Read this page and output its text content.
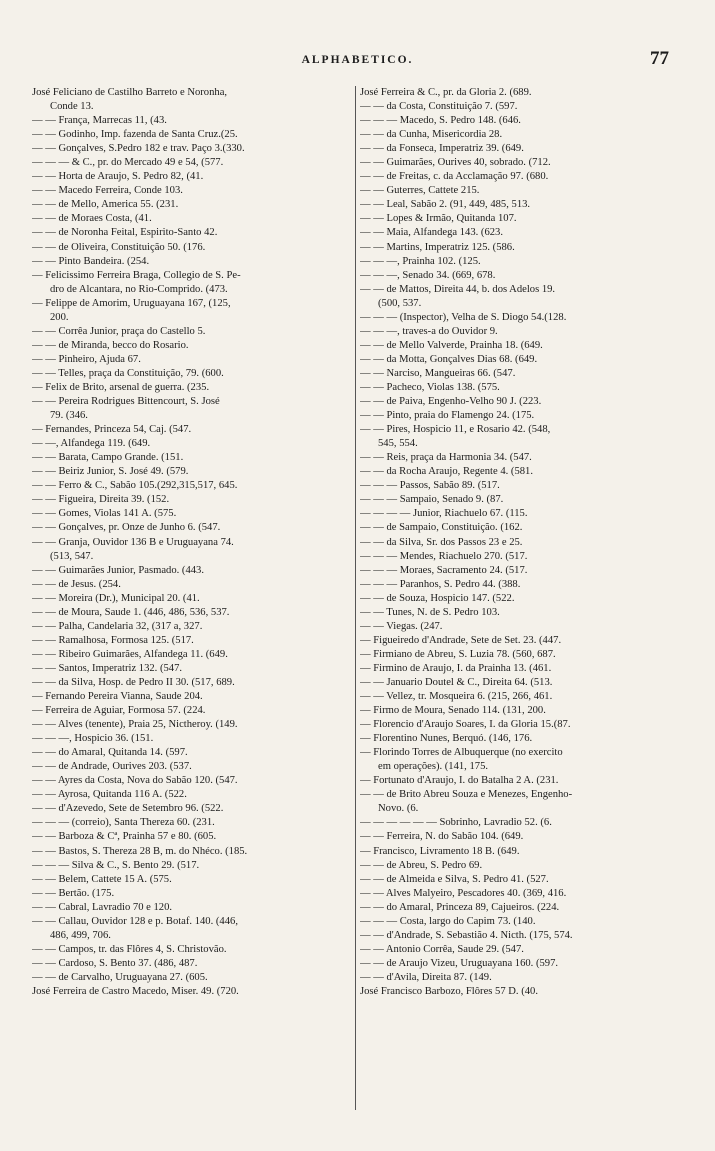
ALPHABETICO.	77
José Feliciano de Castilho Barreto e Noronha,
Conde 13.
— — França, Marrecas 11, (43.
— — Godinho, Imp. fazenda de Santa Cruz.(25.
— — Gonçalves, S.Pedro 182 e trav. Paço 3.(330.
— — — & C., pr. do Mercado 49 e 54, (577.
— — Horta de Araujo, S. Pedro 82, (41.
— — Macedo Ferreira, Conde 103.
— — de Mello, America 55. (231.
— — de Moraes Costa, (41.
— — de Noronha Feital, Espirito-Santo 42.
— — de Oliveira, Constituição 50. (176.
— — Pinto Bandeira. (254.
— Felicissimo Ferreira Braga, Collegio de S. Pe-
dro de Alcantara, no Rio-Comprido. (473.
— Felippe de Amorim, Uruguayana 167, (125,
200.
— — Corrêa Junior, praça do Castello 5.
— — de Miranda, becco do Rosario.
— — Pinheiro, Ajuda 67.
— — Telles, praça da Constituição, 79. (600.
— Felix de Brito, arsenal de guerra. (235.
— — Pereira Rodrigues Bittencourt, S. José
79. (346.
— Fernandes, Princeza 54, Caj. (547.
— —, Alfandega 119. (649.
— — Barata, Campo Grande. (151.
— — Beiriz Junior, S. José 49. (579.
— — Ferro & C., Sabão 105.(292,315,517, 645.
— — Figueira, Direita 39. (152.
— — Gomes, Violas 141 A. (575.
— — Gonçalves, pr. Onze de Junho 6. (547.
— — Granja, Ouvidor 136 B e Uruguayana 74.
(513, 547.
— — Guimarães Junior, Pasmado. (443.
— — de Jesus. (254.
— — Moreira (Dr.), Municipal 20. (41.
— — de Moura, Saude 1. (446, 486, 536, 537.
— — Palha, Candelaria 32, (317 a, 327.
— — Ramalhosa, Formosa 125. (517.
— — Ribeiro Guimarães, Alfandega 11. (649.
— — Santos, Imperatriz 132. (547.
— — da Silva, Hosp. de Pedro II 30. (517, 689.
— Fernando Pereira Vianna, Saude 204.
— Ferreira de Aguiar, Formosa 57. (224.
— — Alves (tenente), Praia 25, Nictheroy. (149.
— — —, Hospicio 36. (151.
— — do Amaral, Quitanda 14. (597.
— — de Andrade, Ourives 203. (537.
— — Ayres da Costa, Nova do Sabão 120. (547.
— — Ayrosa, Quitanda 116 A. (522.
— — d'Azevedo, Sete de Setembro 96. (522.
— — — (correio), Santa Thereza 60. (231.
— — Barboza & Cª, Prainha 57 e 80. (605.
— — Bastos, S. Thereza 28 B, m. do Nhéco. (185.
— — — Silva & C., S. Bento 29. (517.
— — Belem, Cattete 15 A. (575.
— — Bertão. (175.
— — Cabral, Lavradio 70 e 120.
— — Callau, Ouvidor 128 e p. Botaf. 140. (446,
486, 499, 706.
— — Campos, tr. das Flôres 4, S. Christovão.
— — Cardoso, S. Bento 37. (486, 487.
— — de Carvalho, Uruguayana 27. (605.
José Ferreira de Castro Macedo, Miser. 49. (720.
José Ferreira & C., pr. da Gloria 2. (689.
— — da Costa, Constituição 7. (597.
— — — Macedo, S. Pedro 148. (646.
— — da Cunha, Misericordia 28.
— — da Fonseca, Imperatriz 39. (649.
— — Guimarães, Ourives 40, sobrado. (712.
— — de Freitas, c. da Acclamação 97. (680.
— — Guterres, Cattete 215.
— — Leal, Sabão 2. (91, 449, 485, 513.
— — Lopes & Irmão, Quitanda 107.
— — Maia, Alfandega 143. (623.
— — Martins, Imperatriz 125. (586.
— — —, Prainha 102. (125.
— — —, Senado 34. (669, 678.
— — de Mattos, Direita 44, b. dos Adelos 19.
(500, 537.
— — — (Inspector), Velha de S. Diogo 54.(128.
— — —, traves-a do Ouvidor 9.
— — de Mello Valverde, Prainha 18. (649.
— — da Motta, Gonçalves Dias 68. (649.
— — Narciso, Mangueiras 66. (547.
— — Pacheco, Violas 138. (575.
— — de Paiva, Engenho-Velho 90 J. (223.
— — Pinto, praia do Flamengo 24. (175.
— — Pires, Hospicio 11, e Rosario 42. (548,
545, 554.
— — Reis, praça da Harmonia 34. (547.
— — da Rocha Araujo, Regente 4. (581.
— — — Passos, Sabão 89. (517.
— — — Sampaio, Senado 9. (87.
— — — — Junior, Riachuelo 67. (115.
— — de Sampaio, Constituição. (162.
— — da Silva, Sr. dos Passos 23 e 25.
— — — Mendes, Riachuelo 270. (517.
— — — Moraes, Sacramento 24. (517.
— — — Paranhos, S. Pedro 44. (388.
— — de Souza, Hospicio 147. (522.
— — Tunes, N. de S. Pedro 103.
— — Viegas. (247.
— Figueiredo d'Andrade, Sete de Set. 23. (447.
— Firmiano de Abreu, S. Luzia 78. (560, 687.
— Firmino de Araujo, I. da Prainha 13. (461.
— — Januario Doutel & C., Direita 64. (513.
— — Vellez, tr. Mosqueira 6. (215, 266, 461.
— Firmo de Moura, Senado 114. (131, 200.
— Florencio d'Araujo Soares, I. da Gloria 15.(87.
— Florentino Nunes, Berquó. (146, 176.
— Florindo Torres de Albuquerque (no exercito
em operações). (141, 175.
— Fortunato d'Araujo, I. do Batalha 2 A. (231.
— — de Brito Abreu Souza e Menezes, Engenho-
Novo. (6.
— — — — — — Sobrinho, Lavradio 52. (6.
— — Ferreira, N. do Sabão 104. (649.
— Francisco, Livramento 18 B. (649.
— — de Abreu, S. Pedro 69.
— — de Almeida e Silva, S. Pedro 41. (527.
— — Alves Malyeiro, Pescadores 40. (369, 416.
— — do Amaral, Princeza 89, Cajueiros. (224.
— — — Costa, largo do Capim 73. (140.
— — d'Andrade, S. Sebastião 4. Nicth. (175, 574.
— — Antonio Corrêa, Saude 29. (547.
— — de Araujo Vizeu, Uruguayana 160. (597.
— — d'Avila, Direita 87. (149.
José Francisco Barbozo, Flôres 57 D. (40.
